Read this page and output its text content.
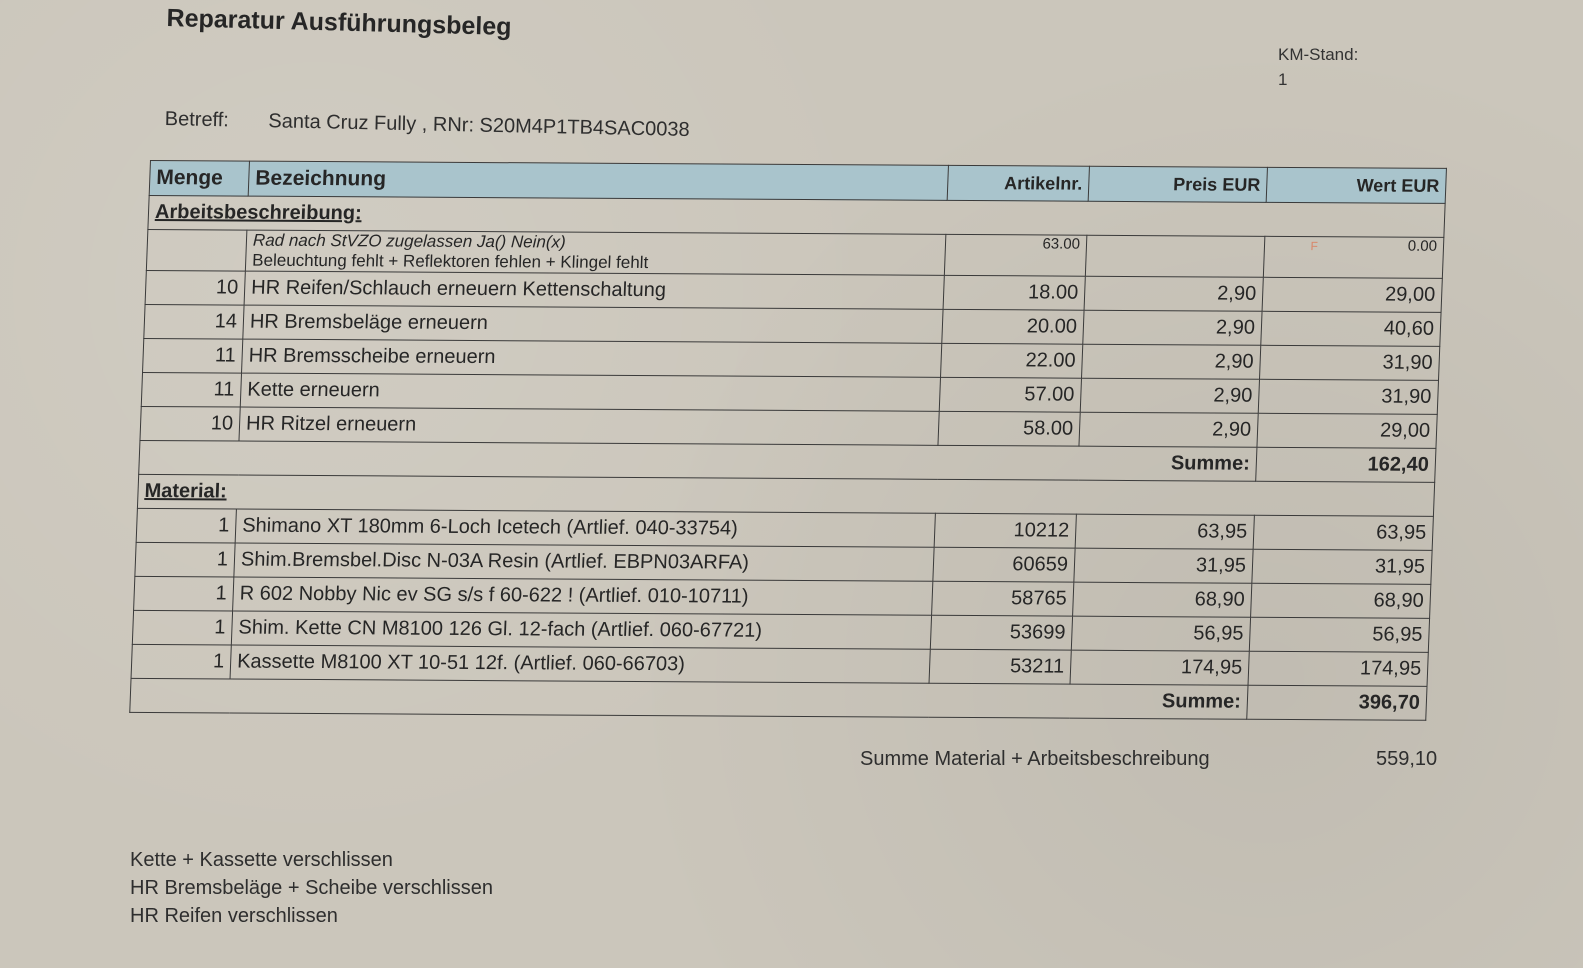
Reparatur Ausführungsbeleg
KM-Stand:
1
Betreff: Santa Cruz Fully , RNr: S20M4P1TB4SAC0038
Menge	Bezeichnung	Artikelnr.	Preis EUR	Wert EUR
Arbeitsbeschreibung:				

	Rad nach StVZO zugelassen Ja() Nein(x)
Beleuchtung fehlt + Reflektoren fehlen + Klingel fehlt	63.00		F 0.00
10	HR Reifen/Schlauch erneuern Kettenschaltung	18.00	2,90	29,00
14	HR Bremsbeläge erneuern	20.00	2,90	40,60
11	HR Bremsscheibe erneuern	22.00	2,90	31,90
11	Kette erneuern	57.00	2,90	31,90
10	HR Ritzel erneuern	58.00	2,90	29,00
Summe:				162,40
Material:				
1	Shimano XT 180mm 6-Loch Icetech (Artlief. 040-33754)	10212	63,95	63,95
1	Shim.Bremsbel.Disc N-03A Resin (Artlief. EBPN03ARFA)	60659	31,95	31,95
1	R 602 Nobby Nic ev SG s/s f 60-622 ! (Artlief. 010-10711)	58765	68,90	68,90
1	Shim. Kette CN M8100 126 Gl. 12-fach (Artlief. 060-67721)	53699	56,95	56,95
1	Kassette M8100 XT 10-51 12f. (Artlief. 060-66703)	53211	174,95	174,95
Summe:				396,70
Summe Material + Arbeitsbeschreibung	559,10
Kette + Kassette verschlissen
HR Bremsbeläge + Scheibe verschlissen
HR Reifen verschlissen
